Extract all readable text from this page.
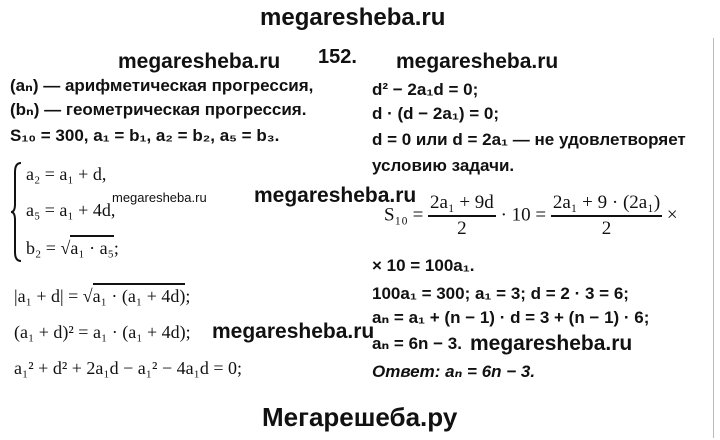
megaresheba.ru
megaresheba.ru	megaresheba.ru
megaresheba.ru megaresheba.ru
megaresheba.ru
megaresheba.ru
Мегарешеба.ру
152.
(aₙ) — арифметическая прогрессия,
(bₙ) — геометрическая прогрессия.
S₁₀ = 300, a₁ = b₁, a₂ = b₂, a₅ = b₃.
a₂ = a₁ + d,
a₅ = a₁ + 4d,
b₂ = √a₁ · a₅;
|a₁ + d| = √a₁ · (a₁ + 4d);
(a₁ + d)² = a₁ · (a₁ + 4d);
a₁² + d² + 2a₁d − a₁² − 4a₁d = 0;
d² − 2a₁d = 0;
d · (d − 2a₁) = 0;
d = 0 или d = 2a₁ — не удовлетворяет
условию задачи.
$S_{10} = \frac{\text{2a₁ + 9d}}{2} \cdot 10 = \frac{\text{2a₁ + 9 · (2a₁)}}{2}$ ×
× 10 = 100a₁.
100a₁ = 300; a₁ = 3; d = 2 · 3 = 6;
aₙ = a₁ + (n − 1) · d = 3 + (n − 1) · 6;
aₙ = 6n − 3.
Ответ: aₙ = 6n − 3.
